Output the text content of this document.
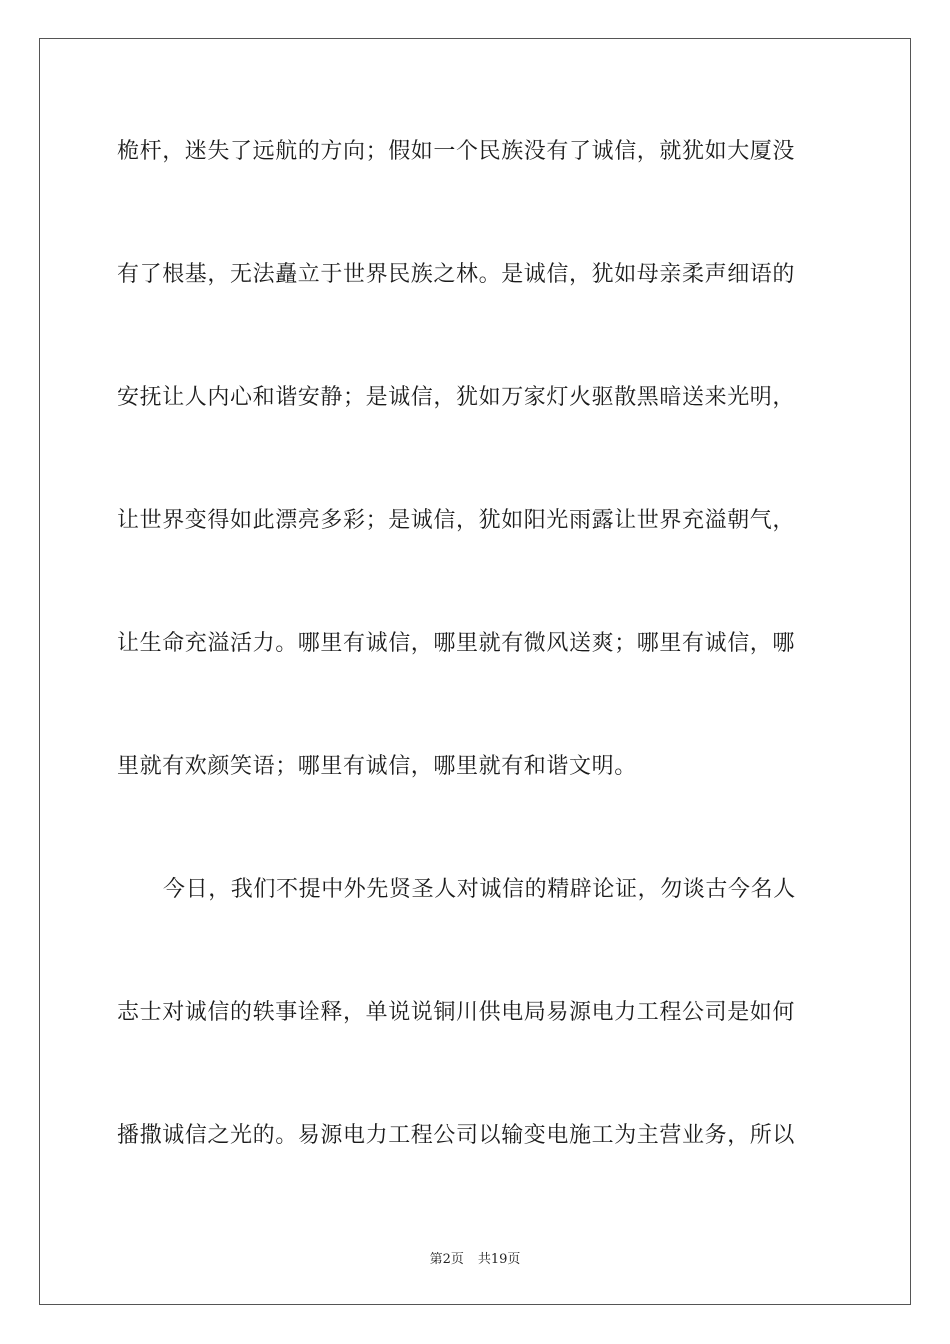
桅杆，迷失了远航的方向；假如一个民族没有了诚信，就犹如大厦没
有了根基，无法矗立于世界民族之林。是诚信，犹如母亲柔声细语的
安抚让人内心和谐安静；是诚信，犹如万家灯火驱散黑暗送来光明，
让世界变得如此漂亮多彩；是诚信，犹如阳光雨露让世界充溢朝气，
让生命充溢活力。哪里有诚信，哪里就有微风送爽；哪里有诚信，哪
里就有欢颜笑语；哪里有诚信，哪里就有和谐文明。
今日，我们不提中外先贤圣人对诚信的精辟论证，勿谈古今名人
志士对诚信的轶事诠释，单说说铜川供电局易源电力工程公司是如何
播撒诚信之光的。易源电力工程公司以输变电施工为主营业务，所以
第2页 共19页
